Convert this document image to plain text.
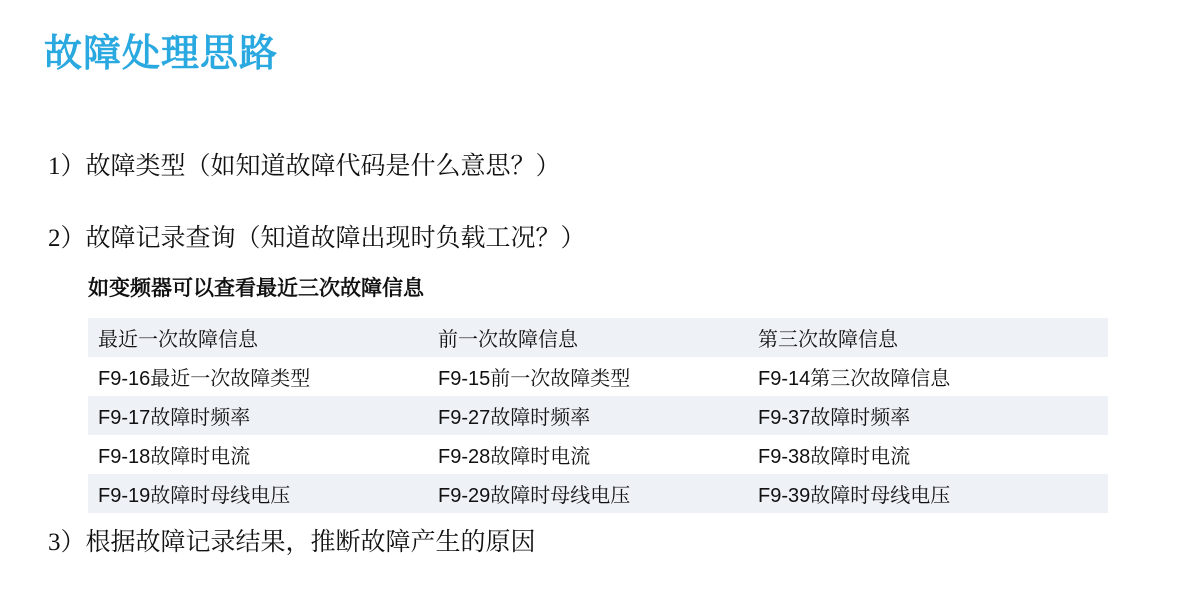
故障处理思路
1）故障类型（如知道故障代码是什么意思？）
2）故障记录查询（知道故障出现时负载工况？）
如变频器可以查看最近三次故障信息
最近一次故障信息	前一次故障信息	第三次故障信息
F9-16最近一次故障类型	F9-15前一次故障类型	F9-14第三次故障信息
F9-17故障时频率	F9-27故障时频率	F9-37故障时频率
F9-18故障时电流	F9-28故障时电流	F9-38故障时电流
F9-19故障时母线电压	F9-29故障时母线电压	F9-39故障时母线电压
3）根据故障记录结果，推断故障产生的原因
